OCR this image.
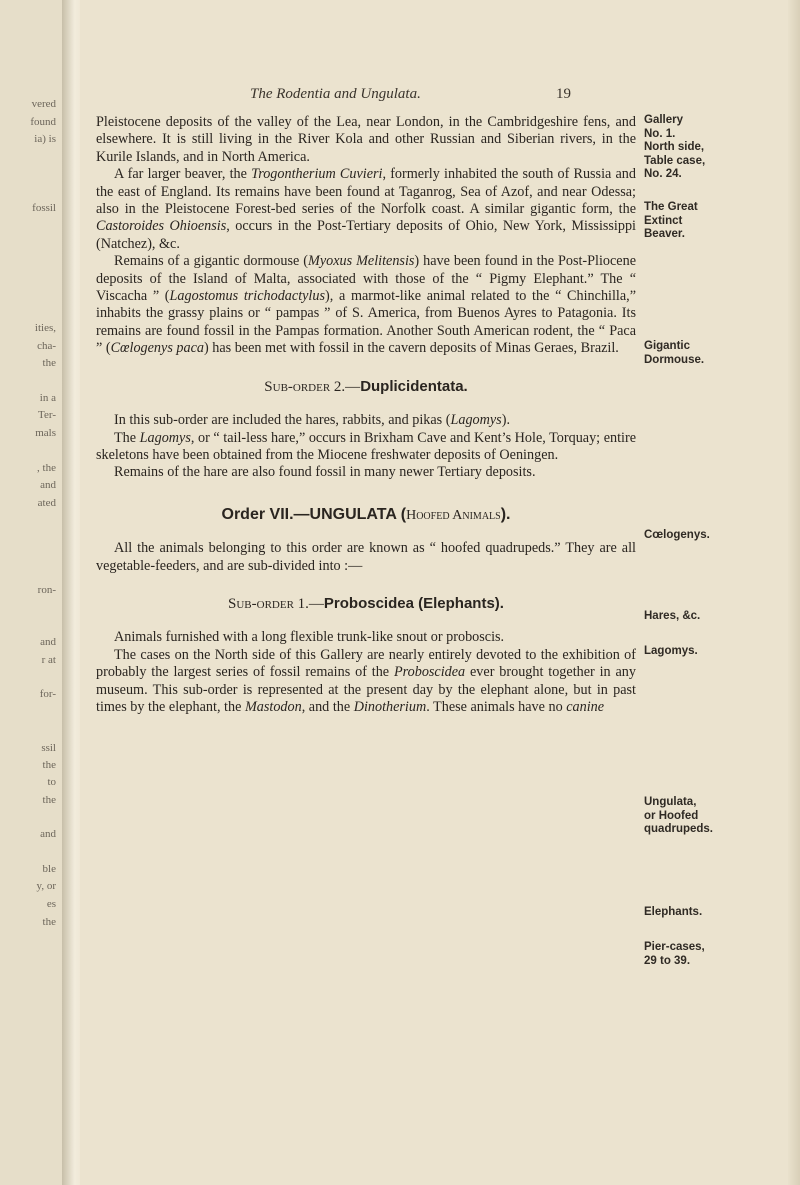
vered
found
ia) is
fossil
ities,
cha-
the
in a
Ter-
mals
, the
and
ated
ron-
and
r at
for-
ssil
the
to
the
and
ble
y, or
es
the
The Rodentia and Ungulata.	19

Pleistocene deposits of the valley of the Lea, near London, in the Cambridgeshire fens, and elsewhere. It is still living in the River Kola and other Russian and Siberian rivers, in the Kurile Islands, and in North America.

A far larger beaver, the Trogontherium Cuvieri, formerly inhabited the south of Russia and the east of England. Its remains have been found at Taganrog, Sea of Azof, and near Odessa; also in the Pleistocene Forest-bed series of the Norfolk coast. A similar gigantic form, the Castoroides Ohioensis, occurs in the Post-Tertiary deposits of Ohio, New York, Mississippi (Natchez), &c.

Remains of a gigantic dormouse (Myoxus Melitensis) have been found in the Post-Pliocene deposits of the Island of Malta, associated with those of the “ Pigmy Elephant.” The “ Viscacha ” (Lagostomus trichodactylus), a marmot-like animal related to the “ Chinchilla,” inhabits the grassy plains or “ pampas ” of S. America, from Buenos Ayres to Patagonia. Its remains are found fossil in the Pampas formation. Another South American rodent, the “ Paca ” (Cœlogenys paca) has been met with fossil in the cavern deposits of Minas Geraes, Brazil.

Sub-order 2.—Duplicidentata.

In this sub-order are included the hares, rabbits, and pikas (Lagomys).

The Lagomys, or “ tail-less hare,” occurs in Brixham Cave and Kent’s Hole, Torquay; entire skeletons have been obtained from the Miocene freshwater deposits of Oeningen.

Remains of the hare are also found fossil in many newer Tertiary deposits.

Order VII.—UNGULATA (Hoofed Animals).

All the animals belonging to this order are known as “ hoofed quadrupeds.” They are all vegetable-feeders, and are sub-divided into :—

Sub-order 1.—Proboscidea (Elephants).

Animals furnished with a long flexible trunk-like snout or proboscis.

The cases on the North side of this Gallery are nearly entirely devoted to the exhibition of probably the largest series of fossil remains of the Proboscidea ever brought together in any museum. This sub-order is represented at the present day by the elephant alone, but in past times by the elephant, the Mastodon, and the Dinotherium. These animals have no canine

Gallery
No. 1.
North side,
Table case,
No. 24.
The Great
Extinct
Beaver.
Gigantic
Dormouse.
Cœlogenys.
Hares, &c.
Lagomys.
Ungulata,
or Hoofed
quadrupeds.
Elephants.
Pier-cases,
29 to 39.
